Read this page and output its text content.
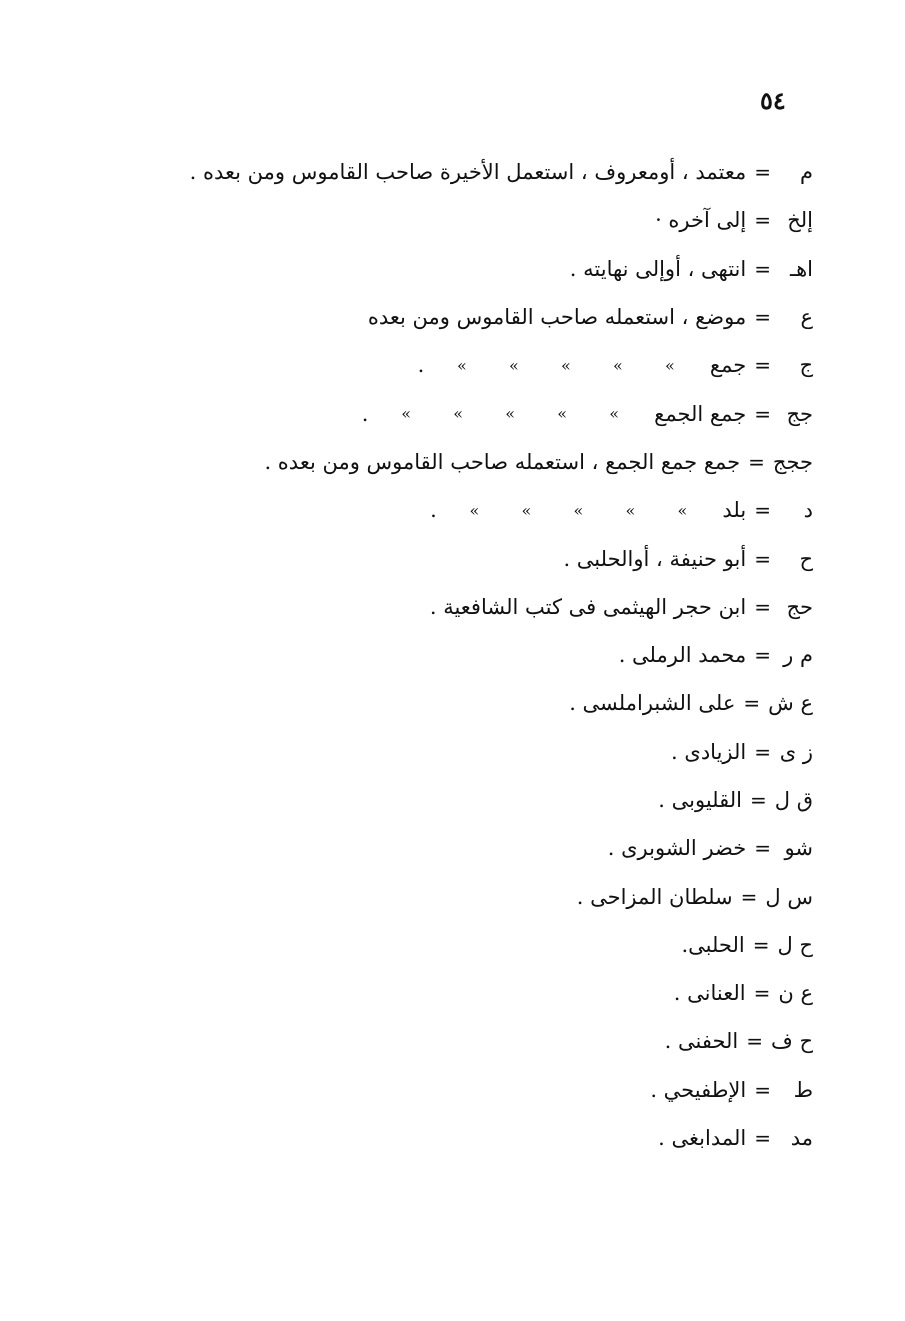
٥٤
م
=
معتمد ، أومعروف ، استعمل الأخيرة صاحب القاموس ومن بعده .
إلخ
=
إلى آخره ·
اهـ
=
انتهى ، أوإلى نهايته .
ع
=
موضع ، استعمله صاحب القاموس ومن بعده
ج
=
جمع
»
»
»
»
»
.
جج
=
جمع الجمع
»
»
»
»
»
.
ججج
=
جمع جمع الجمع ، استعمله صاحب القاموس ومن بعده .
د
=
بلد
»
»
»
»
»
.
ح
=
أبو حنيفة ، أوالحلبى .
حج
=
ابن حجر الهيثمى فى كتب الشافعية .
م ر
=
محمد الرملى .
ع ش
=
على الشبراملسى .
ز ى
=
الزيادى .
ق ل
=
القليوبى .
شو
=
خضر الشوبرى .
س ل
=
سلطان المزاحى .
ح ل
=
الحلبى.
ع ن
=
العنانى .
ح ف
=
الحفنى .
ط
=
الإطفيحي .
مد
=
المدابغى .
